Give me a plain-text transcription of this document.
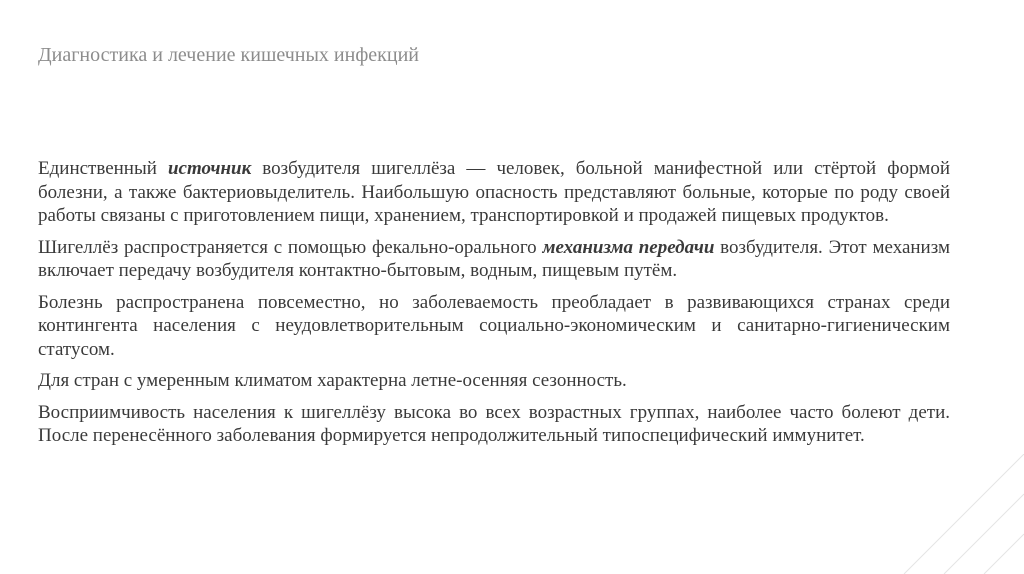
Диагностика и лечение кишечных инфекций

Единственный источник возбудителя шигеллёза — человек, больной манифестной или стёртой формой болезни, а также бактериовыделитель. Наибольшую опасность представляют больные, которые по роду своей работы связаны с приготовлением пищи, хранением, транспортировкой и продажей пищевых продуктов.

Шигеллёз распространяется с помощью фекально-орального механизма передачи возбудителя. Этот механизм включает передачу возбудителя контактно-бытовым, водным, пищевым путём.

Болезнь распространена повсеместно, но заболеваемость преобладает в развивающихся странах среди контингента населения с неудовлетворительным социально-экономическим и санитарно-гигиеническим статусом.

Для стран с умеренным климатом характерна летне-осенняя сезонность.

Восприимчивость населения к шигеллёзу высока во всех возрастных группах, наиболее часто болеют дети. После перенесённого заболевания формируется непродолжительный типоспецифический иммунитет.
